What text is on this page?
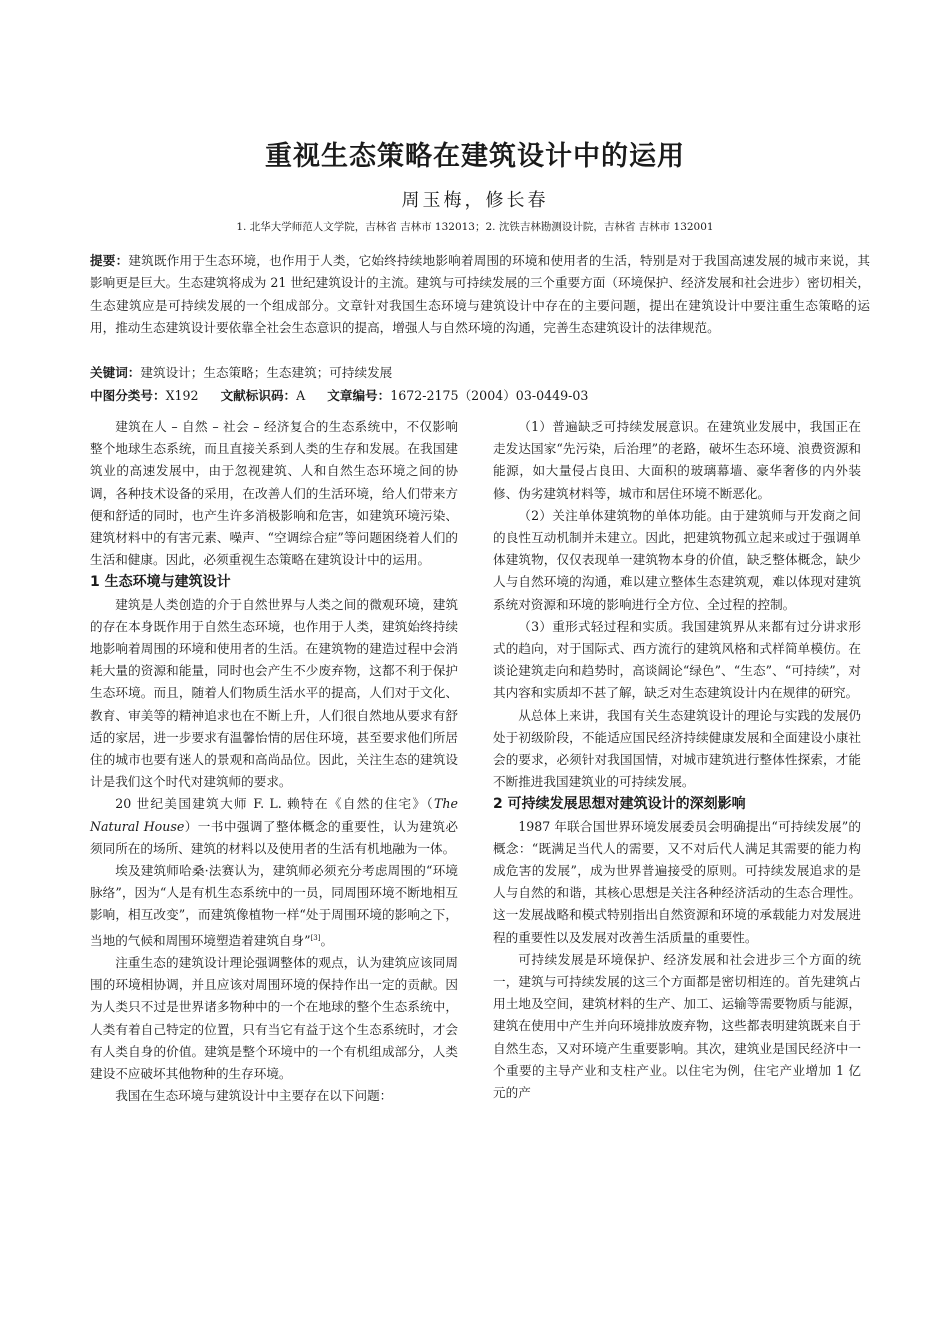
重视生态策略在建筑设计中的运用
周玉梅，修长春
1. 北华大学师范人文学院，吉林省 吉林市 132013；2. 沈铁吉林勘测设计院，吉林省 吉林市 132001
提要：建筑既作用于生态环境，也作用于人类，它始终持续地影响着周围的环境和使用者的生活，特别是对于我国高速发展的城市来说，其影响更是巨大。生态建筑将成为 21 世纪建筑设计的主流。建筑与可持续发展的三个重要方面（环境保护、经济发展和社会进步）密切相关，生态建筑应是可持续发展的一个组成部分。文章针对我国生态环境与建筑设计中存在的主要问题，提出在建筑设计中要注重生态策略的运用，推动生态建筑设计要依靠全社会生态意识的提高，增强人与自然环境的沟通，完善生态建筑设计的法律规范。
关键词：建筑设计；生态策略；生态建筑；可持续发展
中图分类号：X192 文献标识码：A 文章编号：1672-2175（2004）03-0449-03

建筑在人 – 自然 – 社会 – 经济复合的生态系统中，不仅影响整个地球生态系统，而且直接关系到人类的生存和发展。在我国建筑业的高速发展中，由于忽视建筑、人和自然生态环境之间的协调，各种技术设备的采用，在改善人们的生活环境，给人们带来方便和舒适的同时，也产生许多消极影响和危害，如建筑环境污染、建筑材料中的有害元素、噪声、“空调综合症”等问题困绕着人们的生活和健康。因此，必须重视生态策略在建筑设计中的运用。

1 生态环境与建筑设计

建筑是人类创造的介于自然世界与人类之间的微观环境，建筑的存在本身既作用于自然生态环境，也作用于人类，建筑始终持续地影响着周围的环境和使用者的生活。在建筑物的建造过程中会消耗大量的资源和能量，同时也会产生不少废弃物，这都不利于保护生态环境。而且，随着人们物质生活水平的提高，人们对于文化、教育、审美等的精神追求也在不断上升，人们很自然地从要求有舒适的家居，进一步要求有温馨怡情的居住环境，甚至要求他们所居住的城市也要有迷人的景观和高尚品位。因此，关注生态的建筑设计是我们这个时代对建筑师的要求。

20 世纪美国建筑大师 F. L. 赖特在《自然的住宅》（The Natural House）一书中强调了整体概念的重要性，认为建筑必须同所在的场所、建筑的材料以及使用者的生活有机地融为一体。

埃及建筑师哈桑·法赛认为，建筑师必须充分考虑周围的“环境脉络”，因为“人是有机生态系统中的一员，同周围环境不断地相互影响，相互改变”，而建筑像植物一样“处于周围环境的影响之下，当地的气候和周围环境塑造着建筑自身”[3]。

注重生态的建筑设计理论强调整体的观点，认为建筑应该同周围的环境相协调，并且应该对周围环境的保持作出一定的贡献。因为人类只不过是世界诸多物种中的一个在地球的整个生态系统中，人类有着自己特定的位置，只有当它有益于这个生态系统时，才会有人类自身的价值。建筑是整个环境中的一个有机组成部分，人类建设不应破坏其他物种的生存环境。

我国在生态环境与建筑设计中主要存在以下问题：

（1）普遍缺乏可持续发展意识。在建筑业发展中，我国正在走发达国家“先污染，后治理”的老路，破坏生态环境、浪费资源和能源，如大量侵占良田、大面积的玻璃幕墙、豪华奢侈的内外装修、伪劣建筑材料等，城市和居住环境不断恶化。

（2）关注单体建筑物的单体功能。由于建筑师与开发商之间的良性互动机制并未建立。因此，把建筑物孤立起来或过于强调单体建筑物，仅仅表现单一建筑物本身的价值，缺乏整体概念，缺少人与自然环境的沟通，难以建立整体生态建筑观，难以体现对建筑系统对资源和环境的影响进行全方位、全过程的控制。

（3）重形式轻过程和实质。我国建筑界从来都有过分讲求形式的趋向，对于国际式、西方流行的建筑风格和式样简单模仿。在谈论建筑走向和趋势时，高谈阔论“绿色”、“生态”、“可持续”，对其内容和实质却不甚了解，缺乏对生态建筑设计内在规律的研究。

从总体上来讲，我国有关生态建筑设计的理论与实践的发展仍处于初级阶段，不能适应国民经济持续健康发展和全面建设小康社会的要求，必须针对我国国情，对城市建筑进行整体性探索，才能不断推进我国建筑业的可持续发展。

2 可持续发展思想对建筑设计的深刻影响

1987 年联合国世界环境发展委员会明确提出“可持续发展”的概念：“既满足当代人的需要，又不对后代人满足其需要的能力构成危害的发展”，成为世界普遍接受的原则。可持续发展追求的是人与自然的和谐，其核心思想是关注各种经济活动的生态合理性。这一发展战略和模式特别指出自然资源和环境的承载能力对发展进程的重要性以及发展对改善生活质量的重要性。

可持续发展是环境保护、经济发展和社会进步三个方面的统一，建筑与可持续发展的这三个方面都是密切相连的。首先建筑占用土地及空间，建筑材料的生产、加工、运输等需要物质与能源，建筑在使用中产生并向环境排放废弃物，这些都表明建筑既来自于自然生态，又对环境产生重要影响。其次，建筑业是国民经济中一个重要的主导产业和支柱产业。以住宅为例，住宅产业增加 1 亿元的产
